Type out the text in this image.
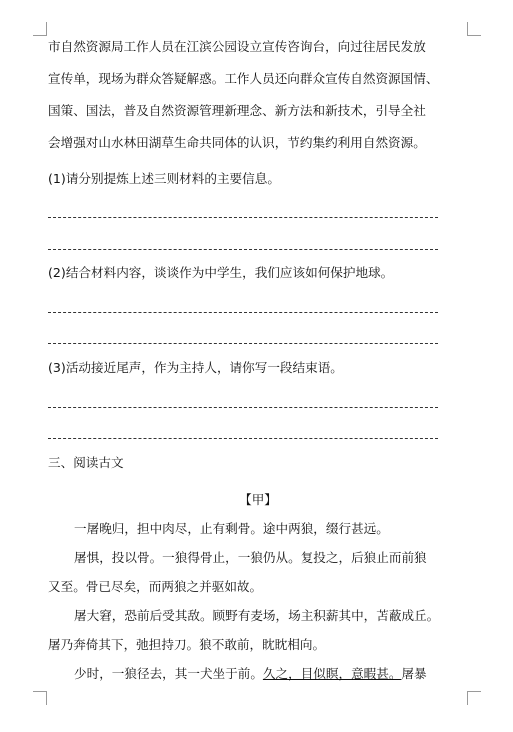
市自然资源局工作人员在江滨公园设立宣传咨询台，向过往居民发放
宣传单，现场为群众答疑解惑。工作人员还向群众宣传自然资源国情、
国策、国法，普及自然资源管理新理念、新方法和新技术，引导全社
会增强对山水林田湖草生命共同体的认识，节约集约利用自然资源。
(1)请分别提炼上述三则材料的主要信息。
(2)结合材料内容，谈谈作为中学生，我们应该如何保护地球。
(3)活动接近尾声，作为主持人，请你写一段结束语。
三、阅读古文
【甲】
一屠晚归，担中肉尽，止有剩骨。途中两狼，缀行甚远。
屠惧，投以骨。一狼得骨止，一狼仍从。复投之，后狼止而前狼
又至。骨已尽矣，而两狼之并驱如故。
屠大窘，恐前后受其敌。顾野有麦场，场主积薪其中，苫蔽成丘。
屠乃奔倚其下，弛担持刀。狼不敢前，眈眈相向。
少时，一狼径去，其一犬坐于前。久之，目似瞑，意暇甚。屠暴
